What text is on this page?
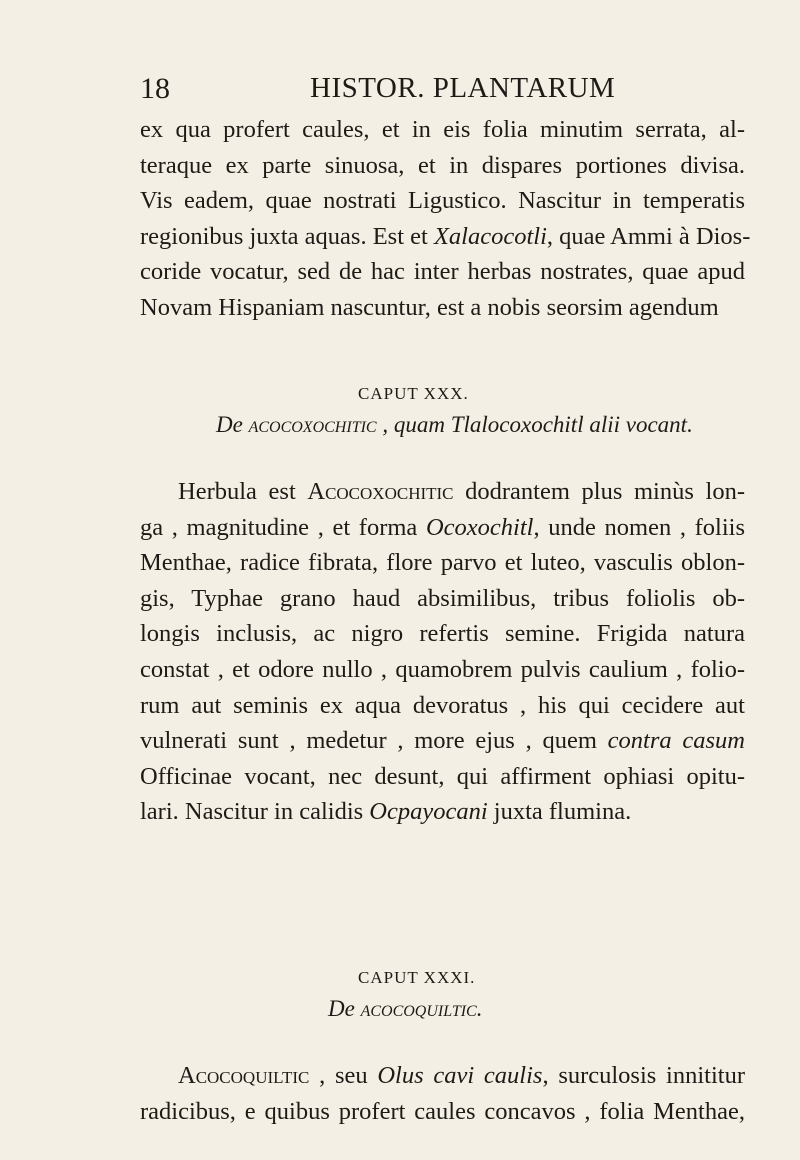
18	HISTOR. PLANTARUM
ex qua profert caules, et in eis folia minutim serrata, al-
teraque ex parte sinuosa, et in dispares portiones divisa.
Vis eadem, quae nostrati Ligustico. Nascitur in temperatis
regionibus juxta aquas. Est et Xalacocotli, quae Ammi à Dios-
coride vocatur, sed de hac inter herbas nostrates, quae apud
Novam Hispaniam nascuntur, est a nobis seorsim agendum
CAPUT XXX.
De acocoxochitic , quam Tlalocoxochitl alii vocant.
Herbula est Acocoxochitic dodrantem plus minùs lon-
ga , magnitudine , et forma Ocoxochitl, unde nomen , foliis
Menthae, radice fibrata, flore parvo et luteo, vasculis oblon-
gis, Typhae grano haud absimilibus, tribus foliolis ob-
longis inclusis, ac nigro refertis semine. Frigida natura
constat , et odore nullo , quamobrem pulvis caulium , folio-
rum aut seminis ex aqua devoratus , his qui cecidere aut
vulnerati sunt , medetur , more ejus , quem contra casum
Officinae vocant, nec desunt, qui affirment ophiasi opitu-
lari. Nascitur in calidis Ocpayocani juxta flumina.
CAPUT XXXI.
De acocoquiltic.
Acocoquiltic , seu Olus cavi caulis, surculosis innititur
radicibus, e quibus profert caules concavos , folia Menthae,
